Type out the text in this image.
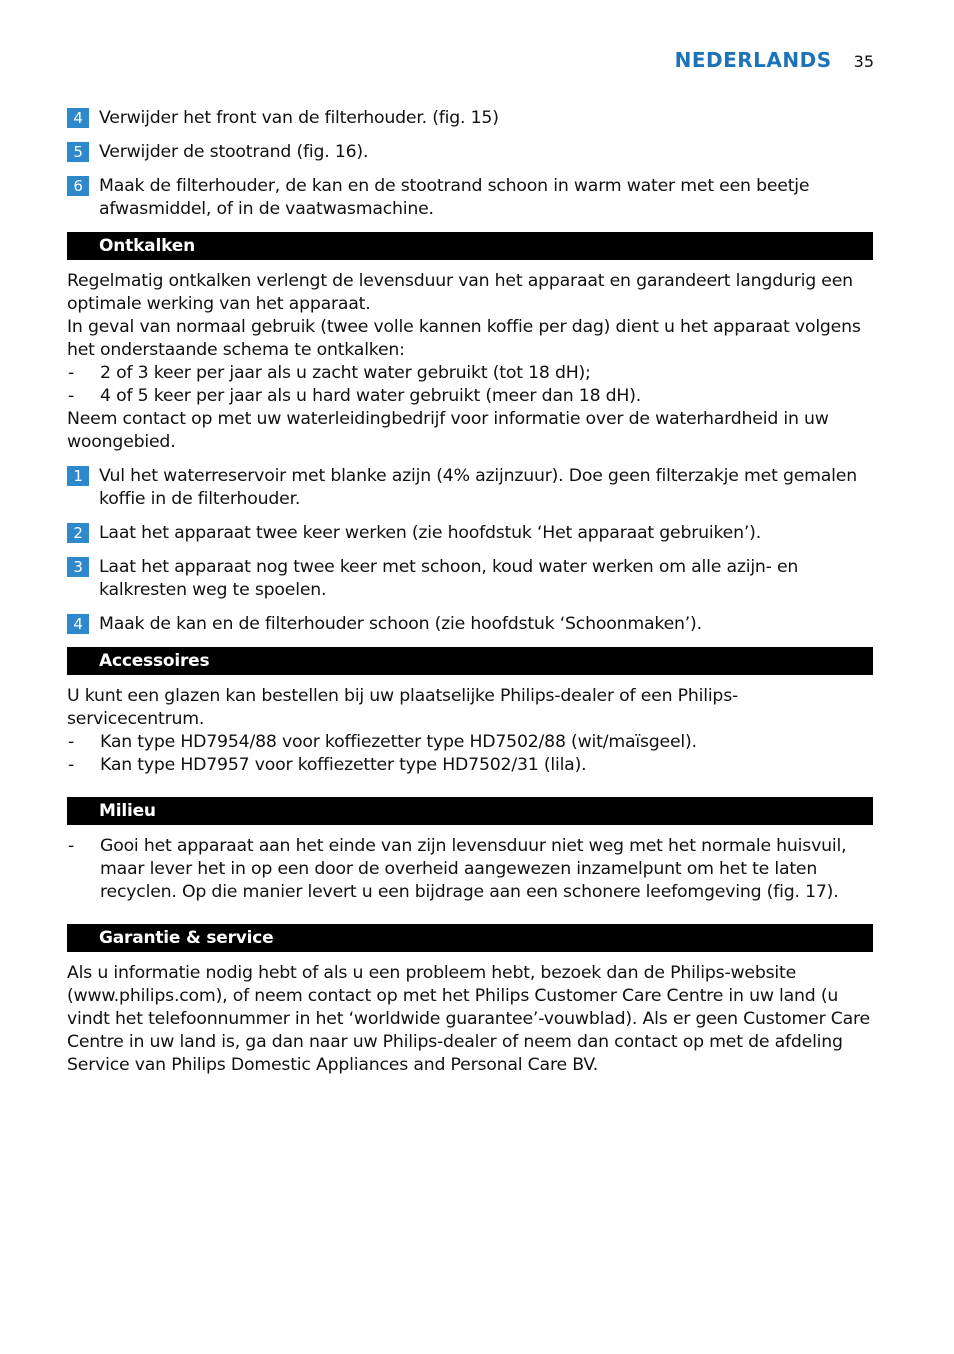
NEDERLANDS 35
4 Verwijder het front van de filterhouder. (fig. 15)
5 Verwijder de stootrand (fig. 16).
6 Maak de filterhouder, de kan en de stootrand schoon in warm water met een beetje afwasmiddel, of in de vaatwasmachine.
Ontkalken

Regelmatig ontkalken verlengt de levensduur van het apparaat en garandeert langdurig een optimale werking van het apparaat.

In geval van normaal gebruik (twee volle kannen koffie per dag) dient u het apparaat volgens het onderstaande schema te ontkalken:

-	2 of 3 keer per jaar als u zacht water gebruikt (tot 18 dH);
-	4 of 5 keer per jaar als u hard water gebruikt (meer dan 18 dH).

Neem contact op met uw waterleidingbedrijf voor informatie over de waterhardheid in uw woongebied.

1 Vul het waterreservoir met blanke azijn (4% azijnzuur). Doe geen filterzakje met gemalen koffie in de filterhouder.
2 Laat het apparaat twee keer werken (zie hoofdstuk ‘Het apparaat gebruiken’).
3 Laat het apparaat nog twee keer met schoon, koud water werken om alle azijn- en kalkresten weg te spoelen.
4 Maak de kan en de filterhouder schoon (zie hoofdstuk ‘Schoonmaken’).
Accessoires

U kunt een glazen kan bestellen bij uw plaatselijke Philips-dealer of een Philips-servicecentrum.

-	Kan type HD7954/88 voor koffiezetter type HD7502/88 (wit/maïsgeel).
-	Kan type HD7957 voor koffiezetter type HD7502/31 (lila).
Milieu
-	Gooi het apparaat aan het einde van zijn levensduur niet weg met het normale huisvuil, maar lever het in op een door de overheid aangewezen inzamelpunt om het te laten recyclen. Op die manier levert u een bijdrage aan een schonere leefomgeving (fig. 17).
Garantie & service

Als u informatie nodig hebt of als u een probleem hebt, bezoek dan de Philips-website (www.philips.com), of neem contact op met het Philips Customer Care Centre in uw land (u vindt het telefoonnummer in het ‘worldwide guarantee’-vouwblad). Als er geen Customer Care Centre in uw land is, ga dan naar uw Philips-dealer of neem dan contact op met de afdeling Service van Philips Domestic Appliances and Personal Care BV.
